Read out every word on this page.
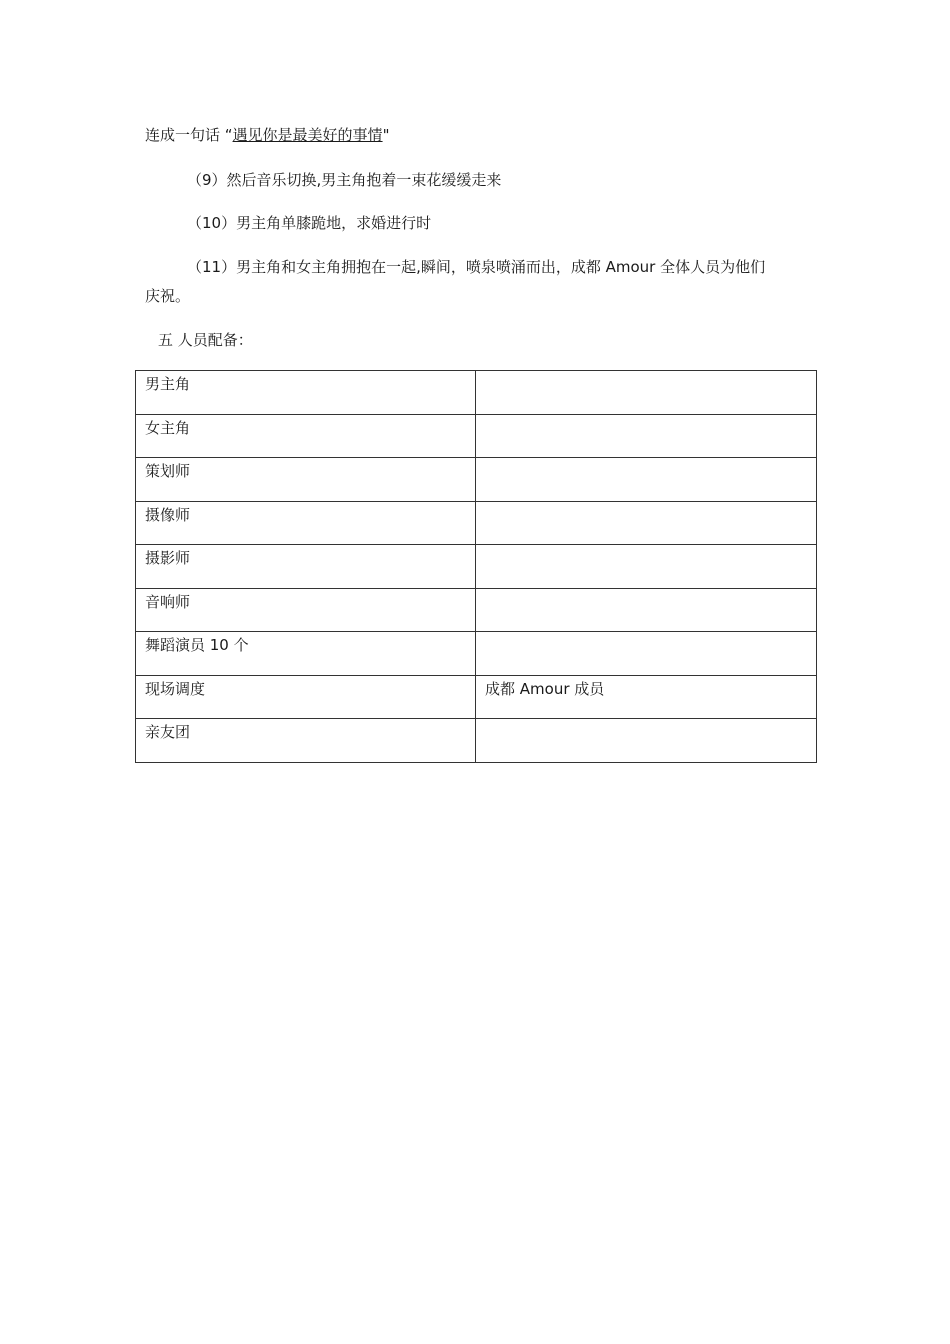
连成一句话 “遇见你是最美好的事情"
（9）然后音乐切换,男主角抱着一束花缓缓走来
（10）男主角单膝跪地，求婚进行时
（11）男主角和女主角拥抱在一起,瞬间，喷泉喷涌而出，成都 Amour 全体人员为他们
庆祝。
五 人员配备：
男主角	
女主角	
策划师	
摄像师	
摄影师	
音响师	
舞蹈演员 10 个	
现场调度	成都 Amour 成员
亲友团	
